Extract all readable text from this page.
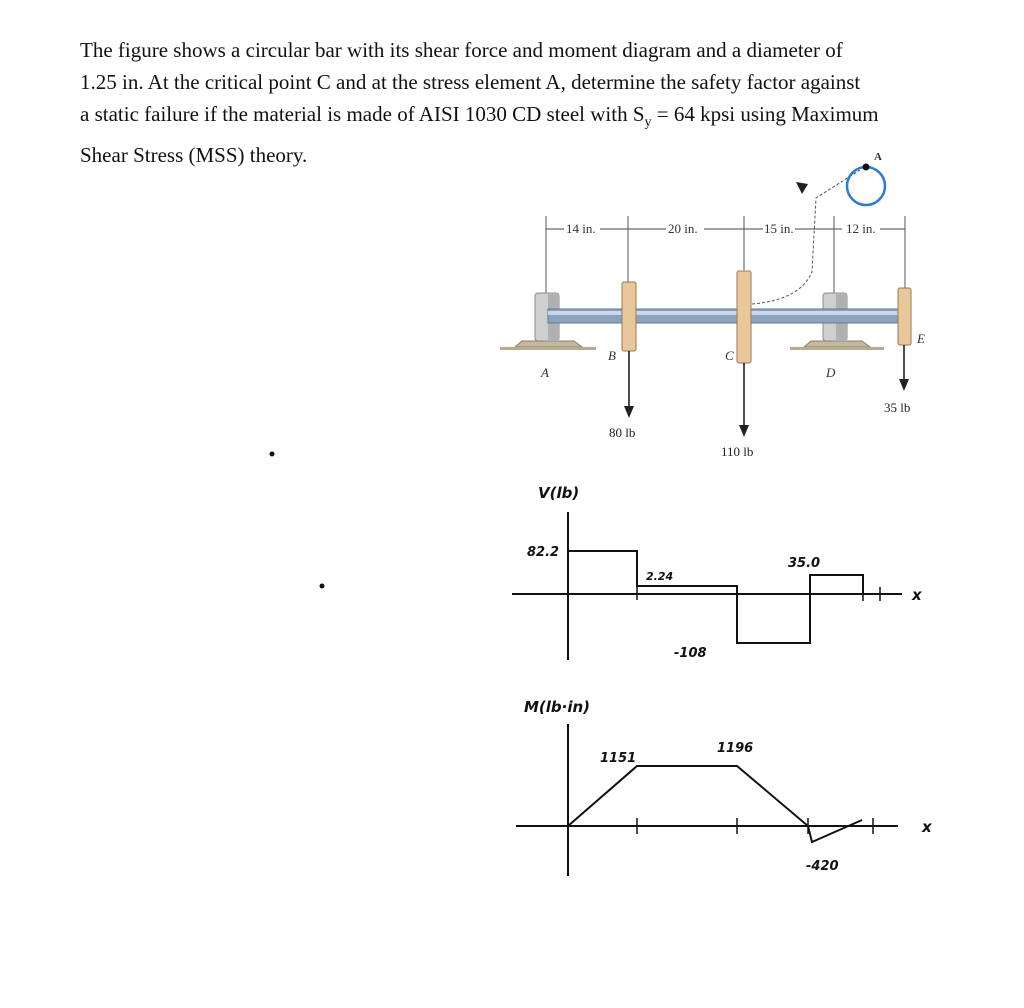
The figure shows a circular bar with its shear force and moment diagram and a diameter of

1.25 in. At the critical point C and at the stress element A, determine the safety factor against

a static failure if the material is made of AISI 1030 CD steel with $S_y = 64$ kpsi using Maximum

Shear Stress (MSS) theory.

14 in.	20 in.	15 in.	12 in.
A
B	C
D
E
80 lb
110 lb
35 lb
A
V(lb)
82.2
2.24
-108
35.0
x
M(lb·in)
1151
1196
-420
x
